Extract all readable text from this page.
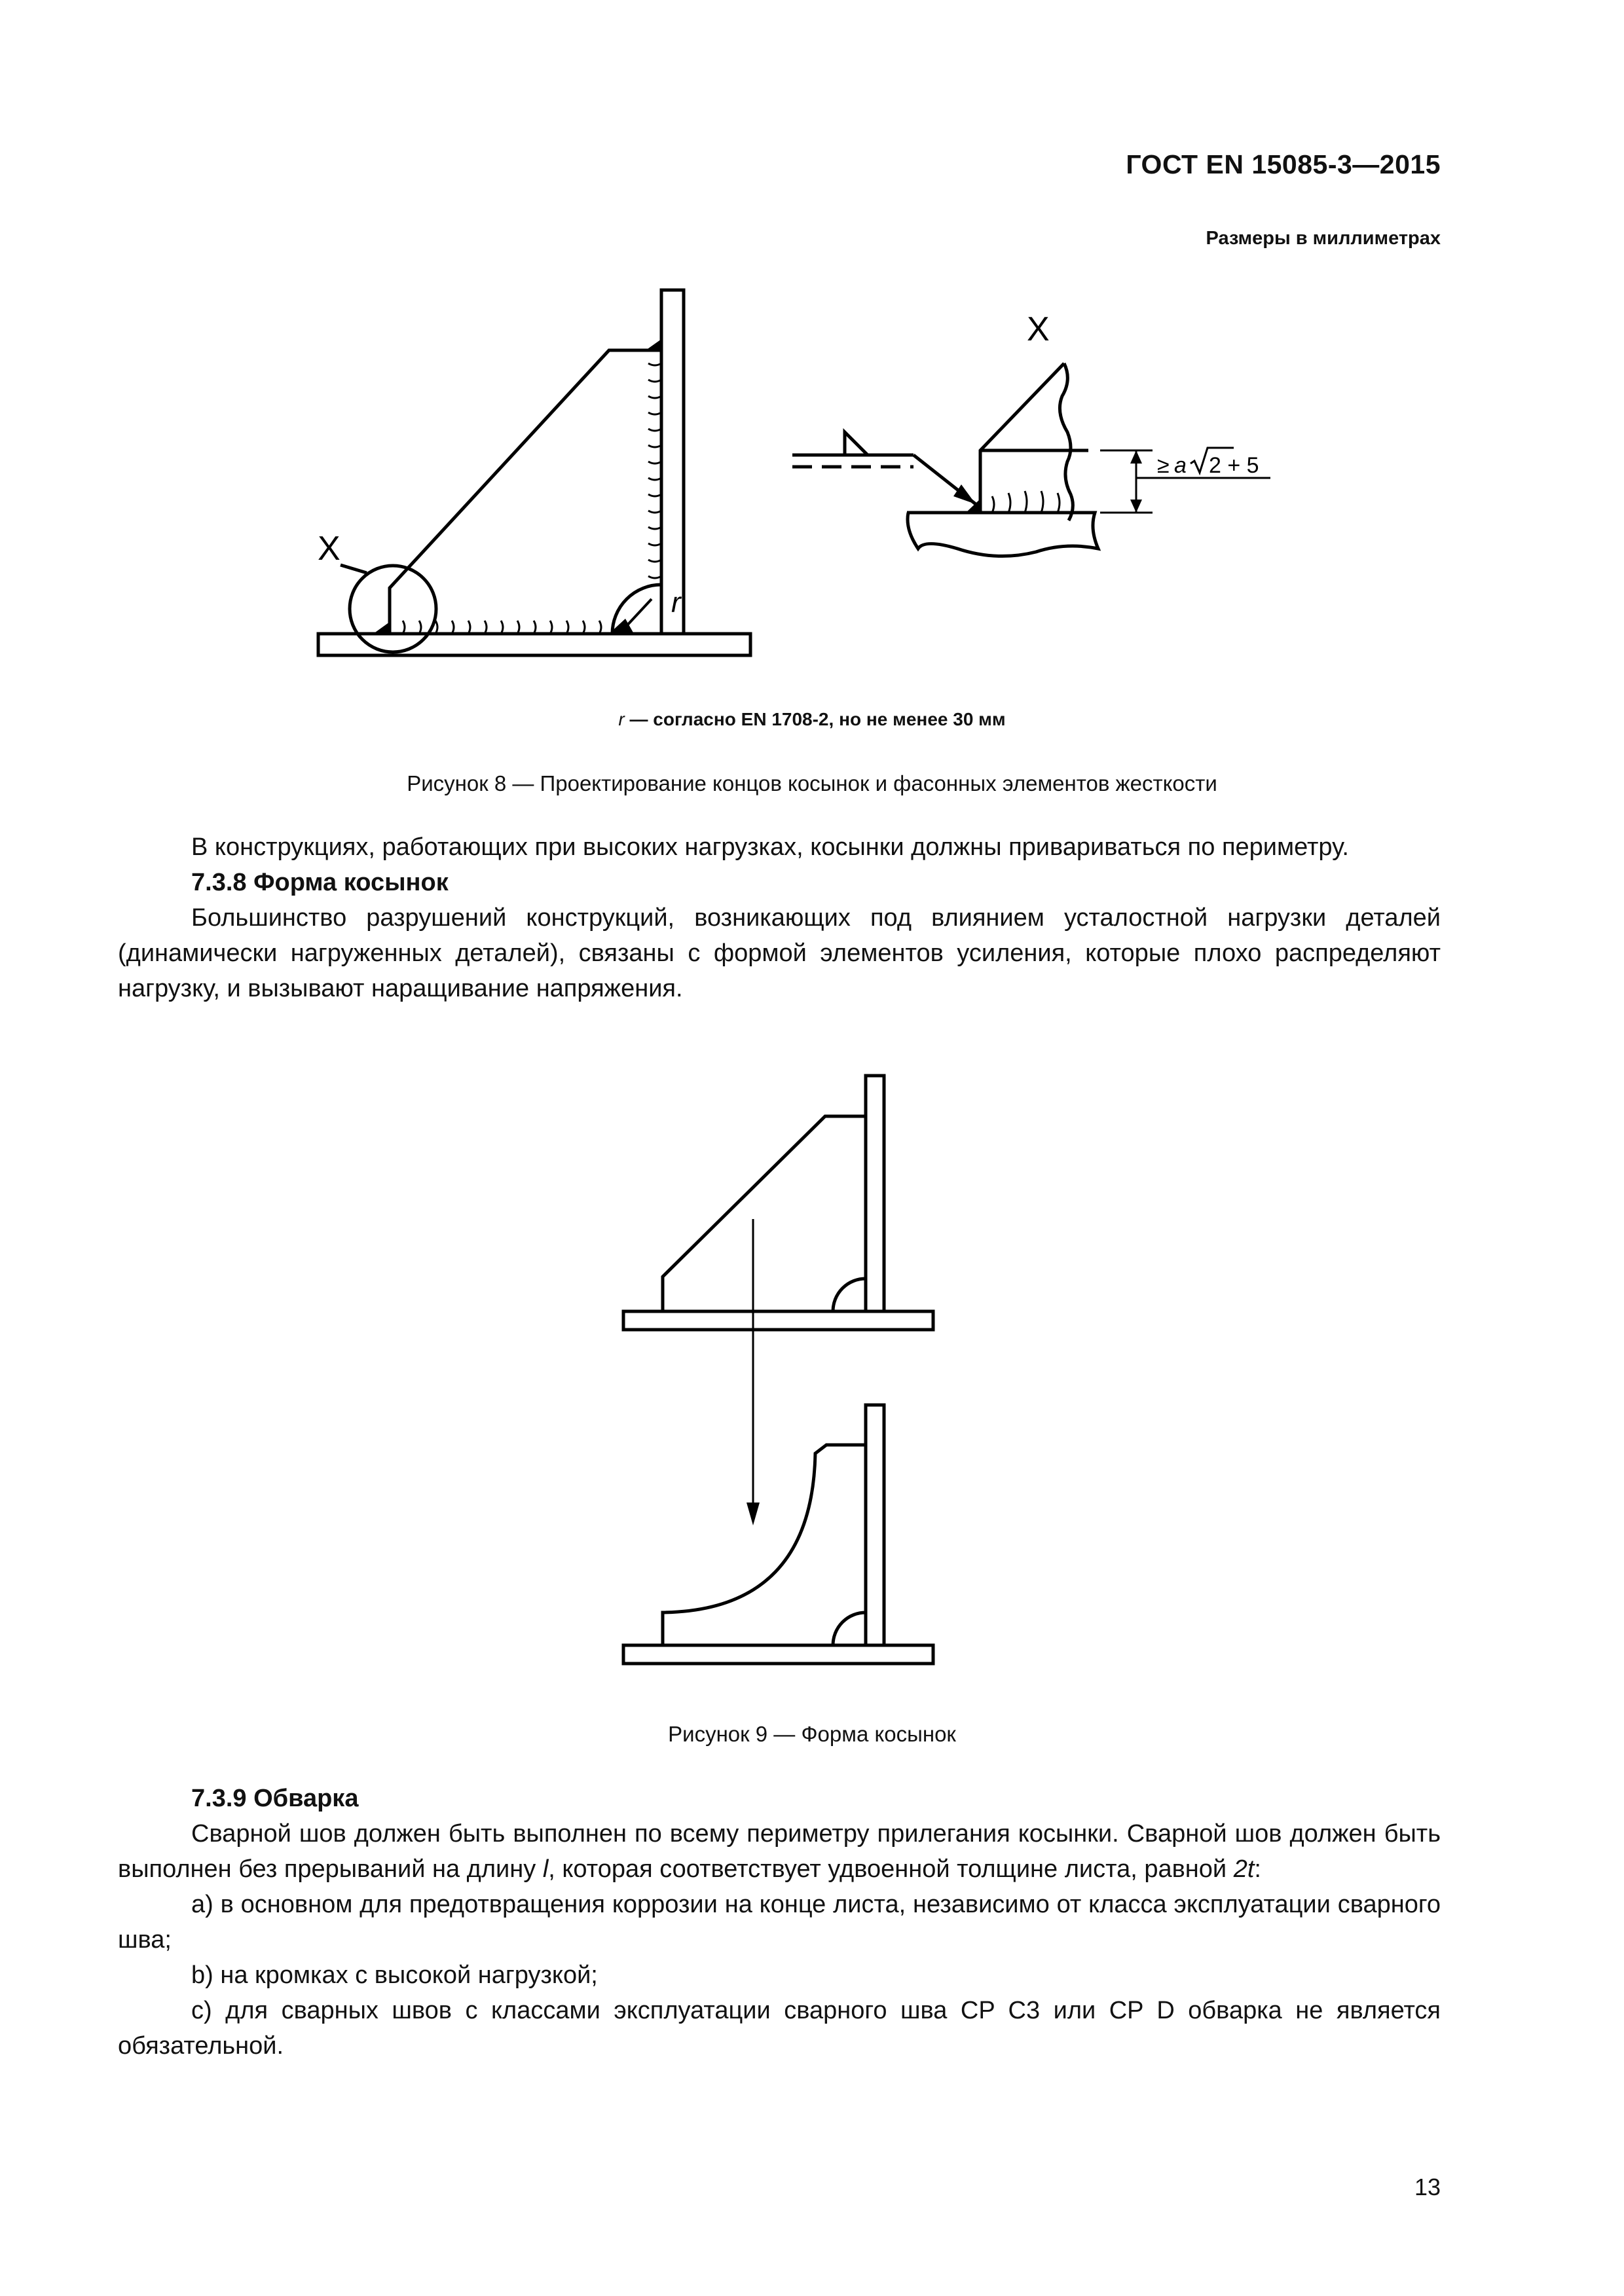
ГОСТ EN 15085-3—2015
Размеры в миллиметрах
X
r
X
≥ a 2 + 5
r — согласно EN 1708-2, но не менее 30 мм
Рисунок 8 — Проектирование концов косынок и фасонных элементов жесткости

В конструкциях, работающих при высоких нагрузках, косынки должны привариваться по периметру.

7.3.8 Форма косынок

Большинство разрушений конструкций, возникающих под влиянием усталостной нагрузки деталей (динамически нагруженных деталей), связаны с формой элементов усиления, которые плохо распределяют нагрузку, и вызывают наращивание напряжения.

Рисунок 9 — Форма косынок
7.3.9 Обварка

Сварной шов должен быть выполнен по всему периметру прилегания косынки. Сварной шов должен быть выполнен без прерываний на длину l, которая соответствует удвоенной толщине листа, равной 2t:

a) в основном для предотвращения коррозии на конце листа, независимо от класса эксплуатации сварного шва;

b) на кромках с высокой нагрузкой;

c) для сварных швов с классами эксплуатации сварного шва CP C3 или CP D обварка не является обязательной.

13
